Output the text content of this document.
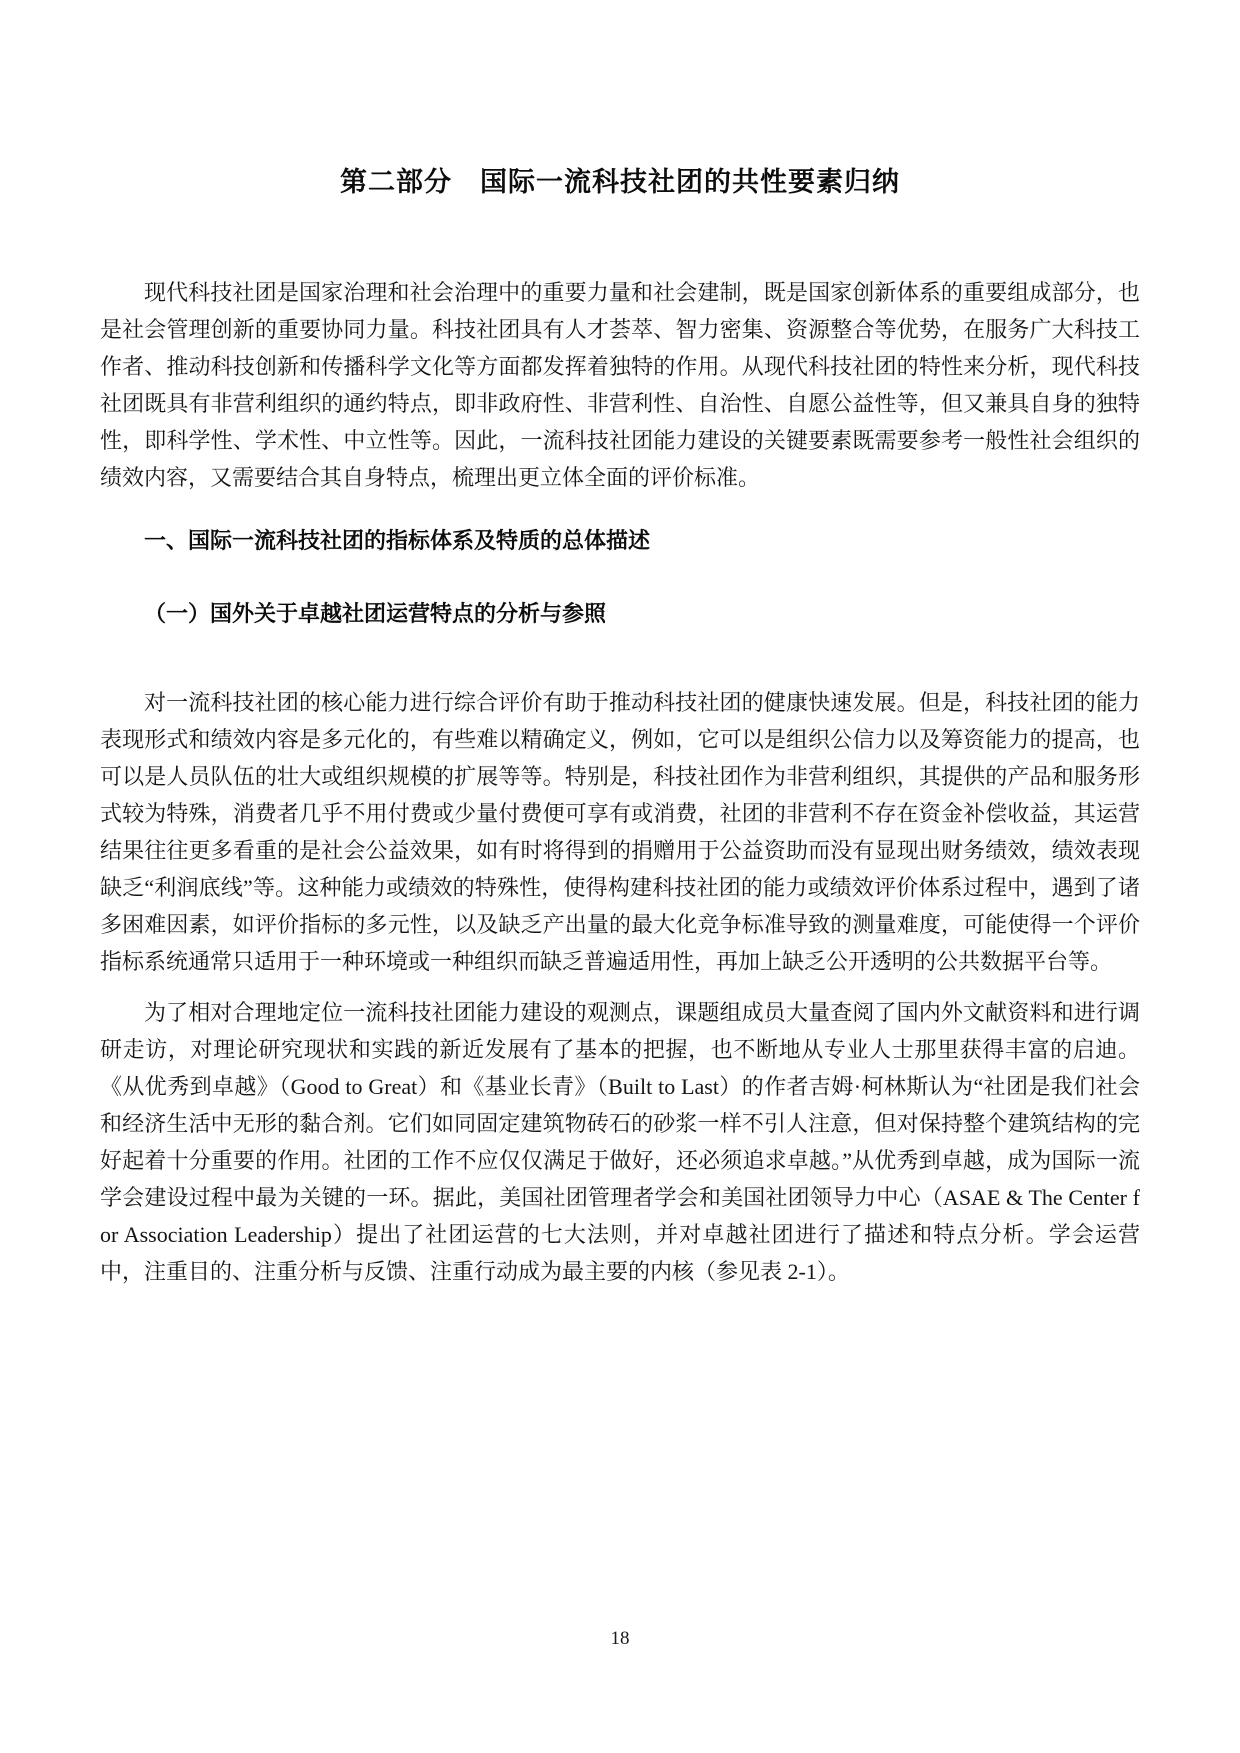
第二部分　国际一流科技社团的共性要素归纳

现代科技社团是国家治理和社会治理中的重要力量和社会建制，既是国家创新体系的重要组成部分，也是社会管理创新的重要协同力量。科技社团具有人才荟萃、智力密集、资源整合等优势，在服务广大科技工作者、推动科技创新和传播科学文化等方面都发挥着独特的作用。从现代科技社团的特性来分析，现代科技社团既具有非营利组织的通约特点，即非政府性、非营利性、自治性、自愿公益性等，但又兼具自身的独特性，即科学性、学术性、中立性等。因此，一流科技社团能力建设的关键要素既需要参考一般性社会组织的绩效内容，又需要结合其自身特点，梳理出更立体全面的评价标准。

一、国际一流科技社团的指标体系及特质的总体描述
（一）国外关于卓越社团运营特点的分析与参照

对一流科技社团的核心能力进行综合评价有助于推动科技社团的健康快速发展。但是，科技社团的能力表现形式和绩效内容是多元化的，有些难以精确定义，例如，它可以是组织公信力以及筹资能力的提高，也可以是人员队伍的壮大或组织规模的扩展等等。特别是，科技社团作为非营利组织，其提供的产品和服务形式较为特殊，消费者几乎不用付费或少量付费便可享有或消费，社团的非营利不存在资金补偿收益，其运营结果往往更多看重的是社会公益效果，如有时将得到的捐赠用于公益资助而没有显现出财务绩效，绩效表现缺乏“利润底线”等。这种能力或绩效的特殊性，使得构建科技社团的能力或绩效评价体系过程中，遇到了诸多困难因素，如评价指标的多元性，以及缺乏产出量的最大化竞争标准导致的测量难度，可能使得一个评价指标系统通常只适用于一种环境或一种组织而缺乏普遍适用性，再加上缺乏公开透明的公共数据平台等。

为了相对合理地定位一流科技社团能力建设的观测点，课题组成员大量查阅了国内外文献资料和进行调研走访，对理论研究现状和实践的新近发展有了基本的把握，也不断地从专业人士那里获得丰富的启迪。《从优秀到卓越》（Good to Great）和《基业长青》（Built to Last）的作者吉姆·柯林斯认为“社团是我们社会和经济生活中无形的黏合剂。它们如同固定建筑物砖石的砂浆一样不引人注意，但对保持整个建筑结构的完好起着十分重要的作用。社团的工作不应仅仅满足于做好，还必须追求卓越。”从优秀到卓越，成为国际一流学会建设过程中最为关键的一环。据此，美国社团管理者学会和美国社团领导力中心（ASAE & The Center for Association Leadership）提出了社团运营的七大法则，并对卓越社团进行了描述和特点分析。学会运营中，注重目的、注重分析与反馈、注重行动成为最主要的内核（参见表 2-1）。

18
